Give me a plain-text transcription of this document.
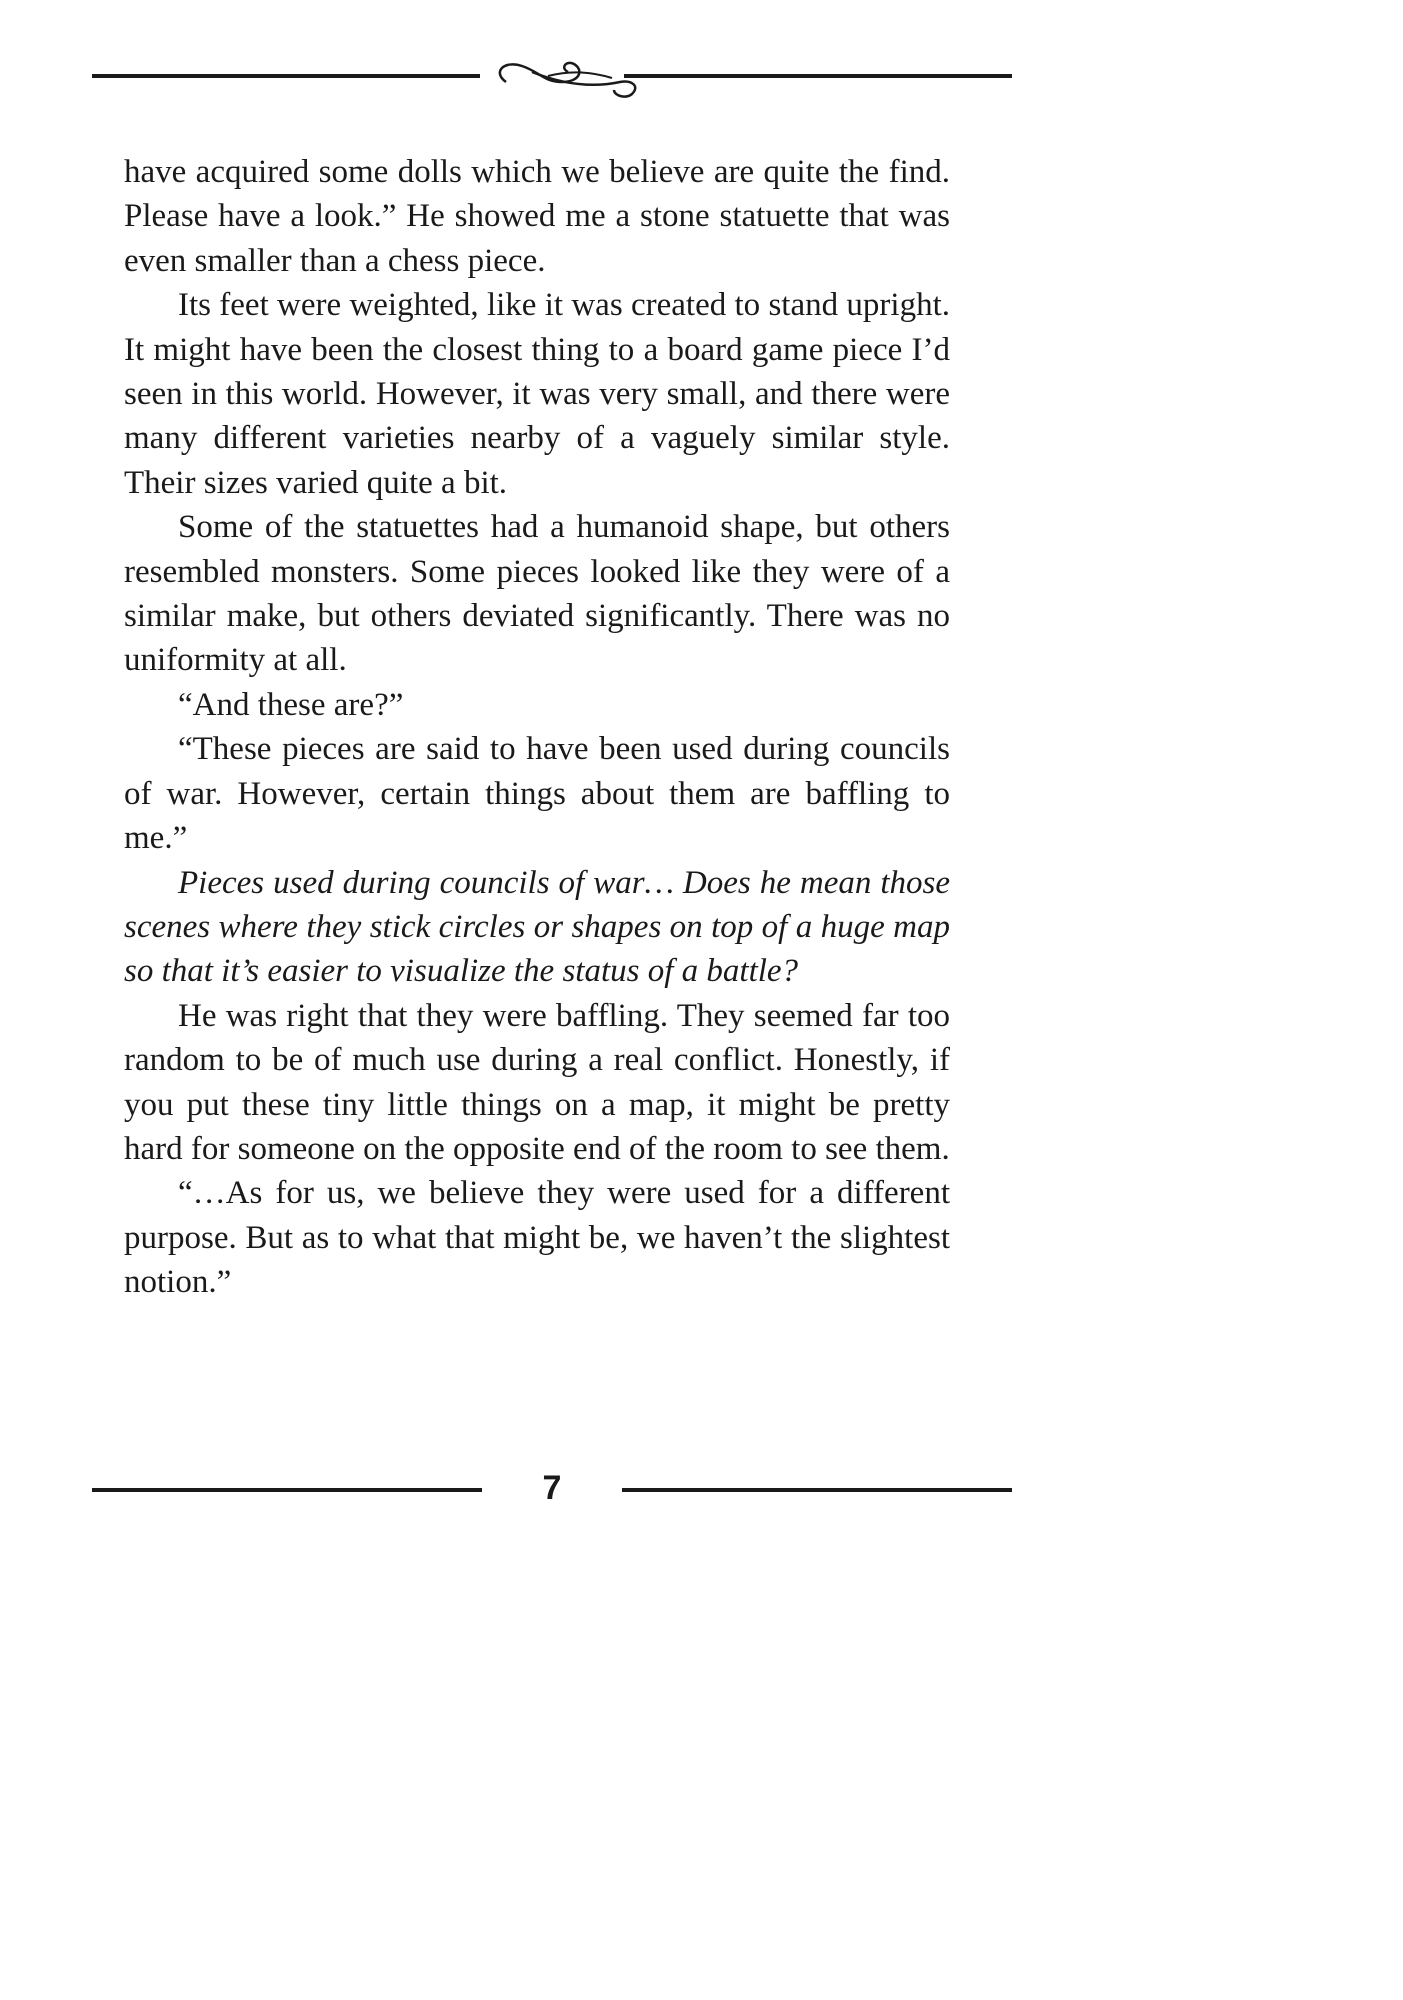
have acquired some dolls which we believe are quite the find. Please have a look.” He showed me a stone statuette that was even smaller than a chess piece.

Its feet were weighted, like it was created to stand upright. It might have been the closest thing to a board game piece I’d seen in this world. However, it was very small, and there were many different varieties nearby of a vaguely similar style. Their sizes varied quite a bit.

Some of the statuettes had a humanoid shape, but others resembled monsters. Some pieces looked like they were of a similar make, but others deviated significantly. There was no uniformity at all.

“And these are?”

“These pieces are said to have been used during councils of war. However, certain things about them are baffling to me.”

Pieces used during councils of war… Does he mean those scenes where they stick circles or shapes on top of a huge map so that it’s easier to visualize the status of a battle?

He was right that they were baffling. They seemed far too random to be of much use during a real conflict. Honestly, if you put these tiny little things on a map, it might be pretty hard for someone on the opposite end of the room to see them.

“…As for us, we believe they were used for a different purpose. But as to what that might be, we haven’t the slightest notion.”

7
